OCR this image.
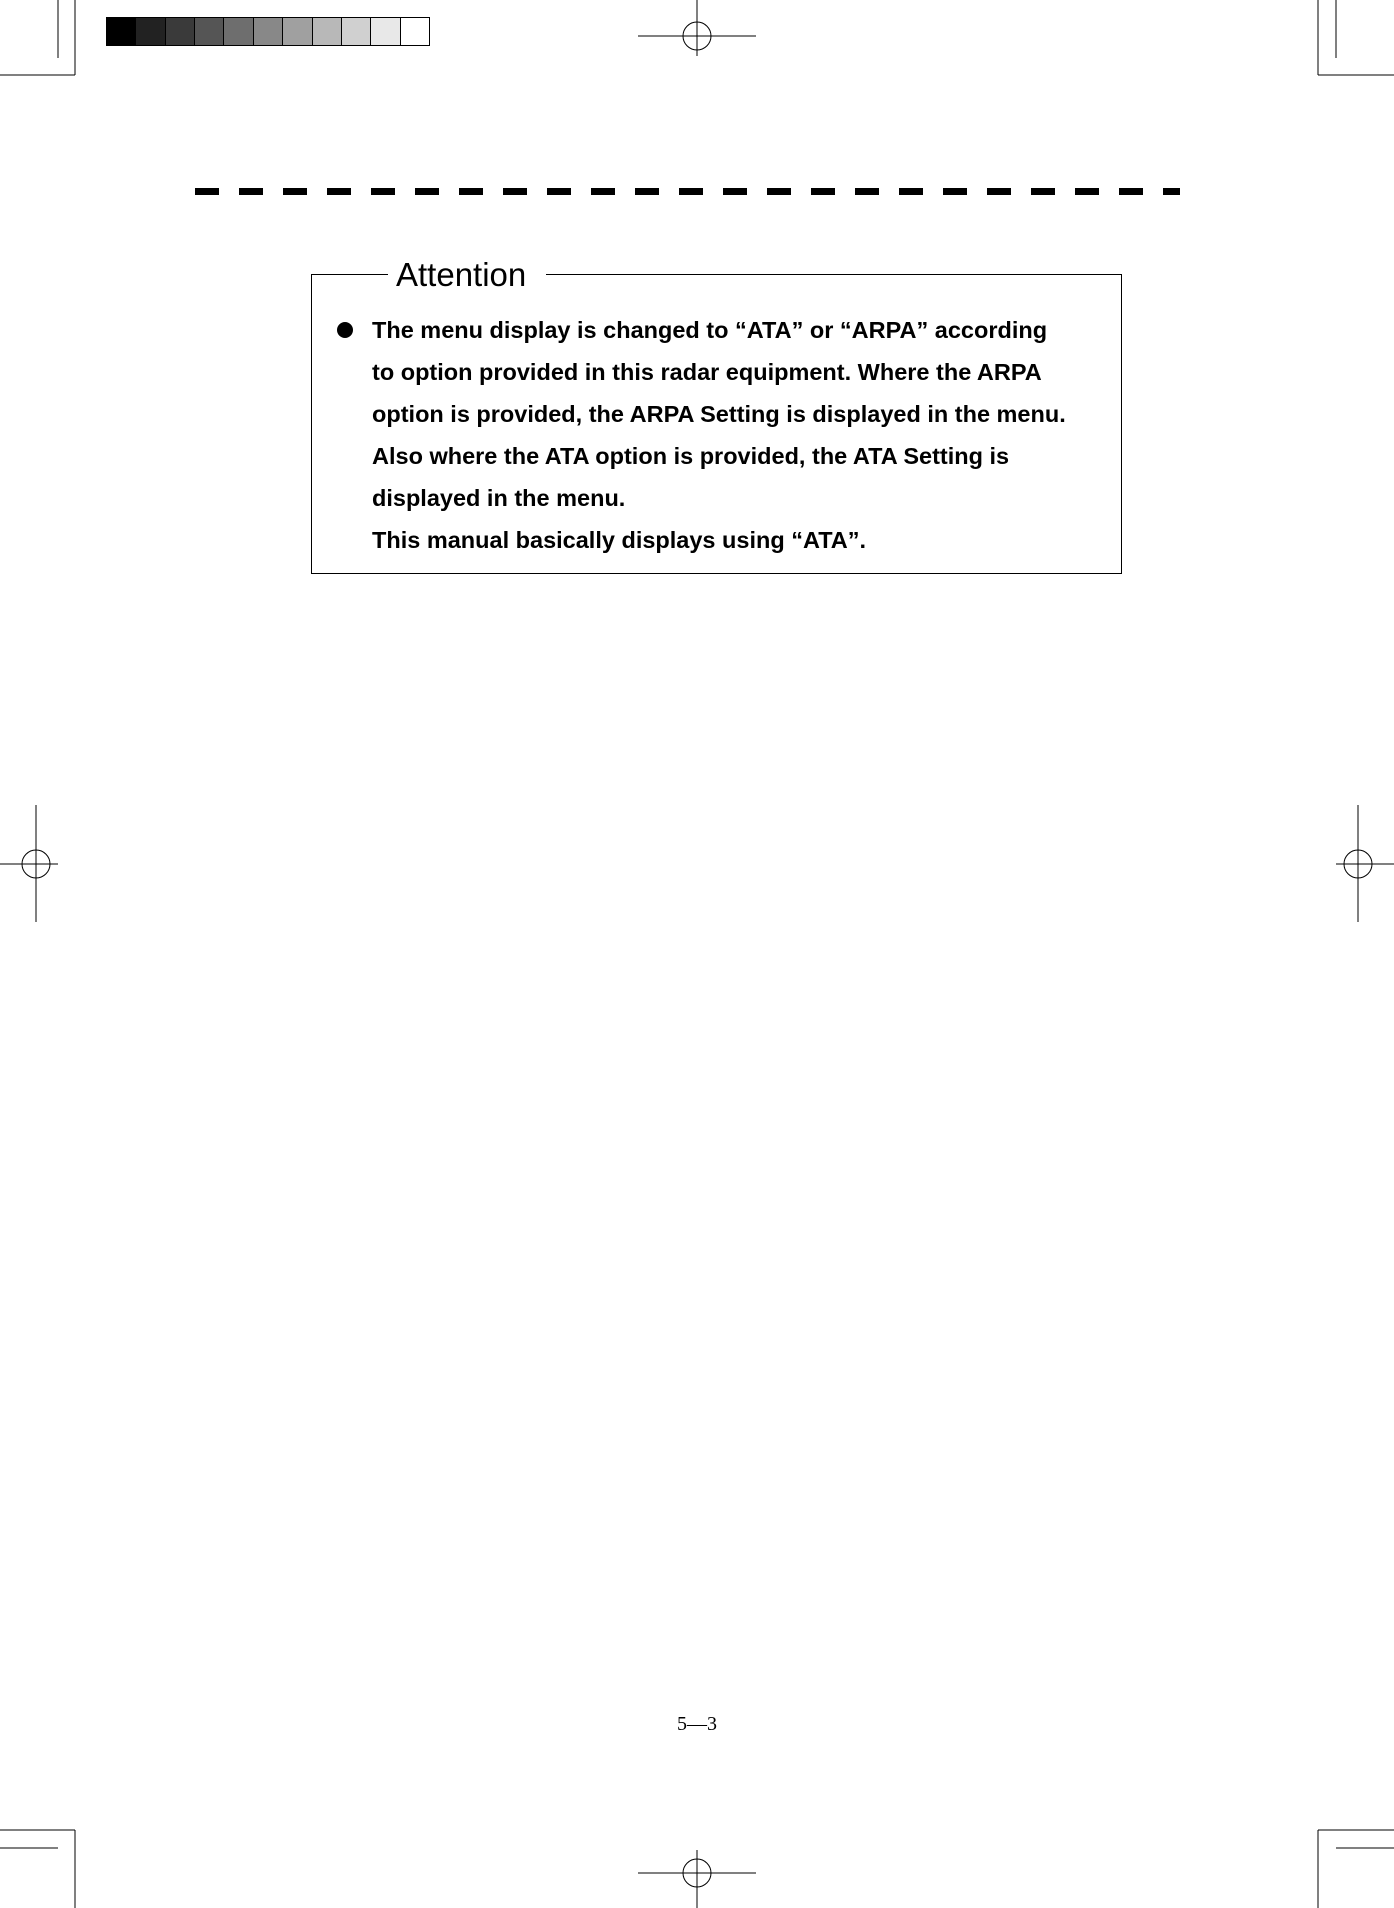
Attention
The menu display is changed to “ATA” or “ARPA” according
to option provided in this radar equipment. Where the ARPA
option is provided, the ARPA Setting is displayed in the menu.
Also where the ATA option is provided, the ATA Setting is
displayed in the menu.
This manual basically displays using “ATA”.
5—3
